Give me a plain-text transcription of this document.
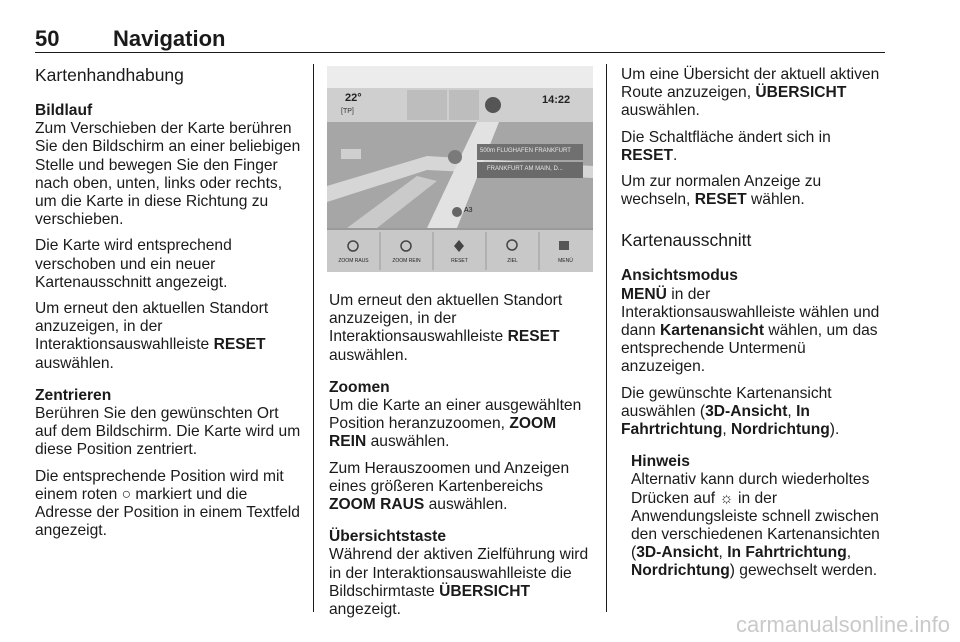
50 Navigation
Kartenhandhabung
Bildlauf

Zum Verschieben der Karte berühren Sie den Bildschirm an einer beliebigen Stelle und bewegen Sie den Finger nach oben, unten, links oder rechts, um die Karte in diese Richtung zu verschieben.

Die Karte wird entsprechend verschoben und ein neuer Kartenausschnitt angezeigt.

Um erneut den aktuellen Standort anzuzeigen, in der Interaktionsauswahlleiste RESET auswählen.

Zentrieren

Berühren Sie den gewünschten Ort auf dem Bildschirm. Die Karte wird um diese Position zentriert.

Die entsprechende Position wird mit einem roten ○ markiert und die Adresse der Position in einem Textfeld angezeigt.

22°
[TP]
14:22
500m FLUGHAFEN FRANKFURT
FRANKFURT AM MAIN, D...
A3
ZOOM RAUS	ZOOM REIN	RESET	ZIEL	MENÜ

Um erneut den aktuellen Standort anzuzeigen, in der Interaktionsauswahlleiste RESET auswählen.

Zoomen

Um die Karte an einer ausgewählten Position heranzuzoomen, ZOOM REIN auswählen.

Zum Herauszoomen und Anzeigen eines größeren Kartenbereichs ZOOM RAUS auswählen.

Übersichtstaste

Während der aktiven Zielführung wird in der Interaktionsauswahlleiste die Bildschirmtaste ÜBERSICHT angezeigt.

Um eine Übersicht der aktuell aktiven Route anzuzeigen, ÜBERSICHT auswählen.

Die Schaltfläche ändert sich in RESET.

Um zur normalen Anzeige zu wechseln, RESET wählen.

Kartenausschnitt
Ansichtsmodus

MENÜ in der Interaktionsauswahlleiste wählen und dann Kartenansicht wählen, um das entsprechende Untermenü anzuzeigen.

Die gewünschte Kartenansicht auswählen (3D-Ansicht, In Fahrtrichtung, Nordrichtung).

Hinweis

Alternativ kann durch wiederholtes Drücken auf ☼ in der Anwendungsleiste schnell zwischen den verschiedenen Kartenansichten (3D-Ansicht, In Fahrtrichtung, Nordrichtung) gewechselt werden.

carmanualsonline.info
